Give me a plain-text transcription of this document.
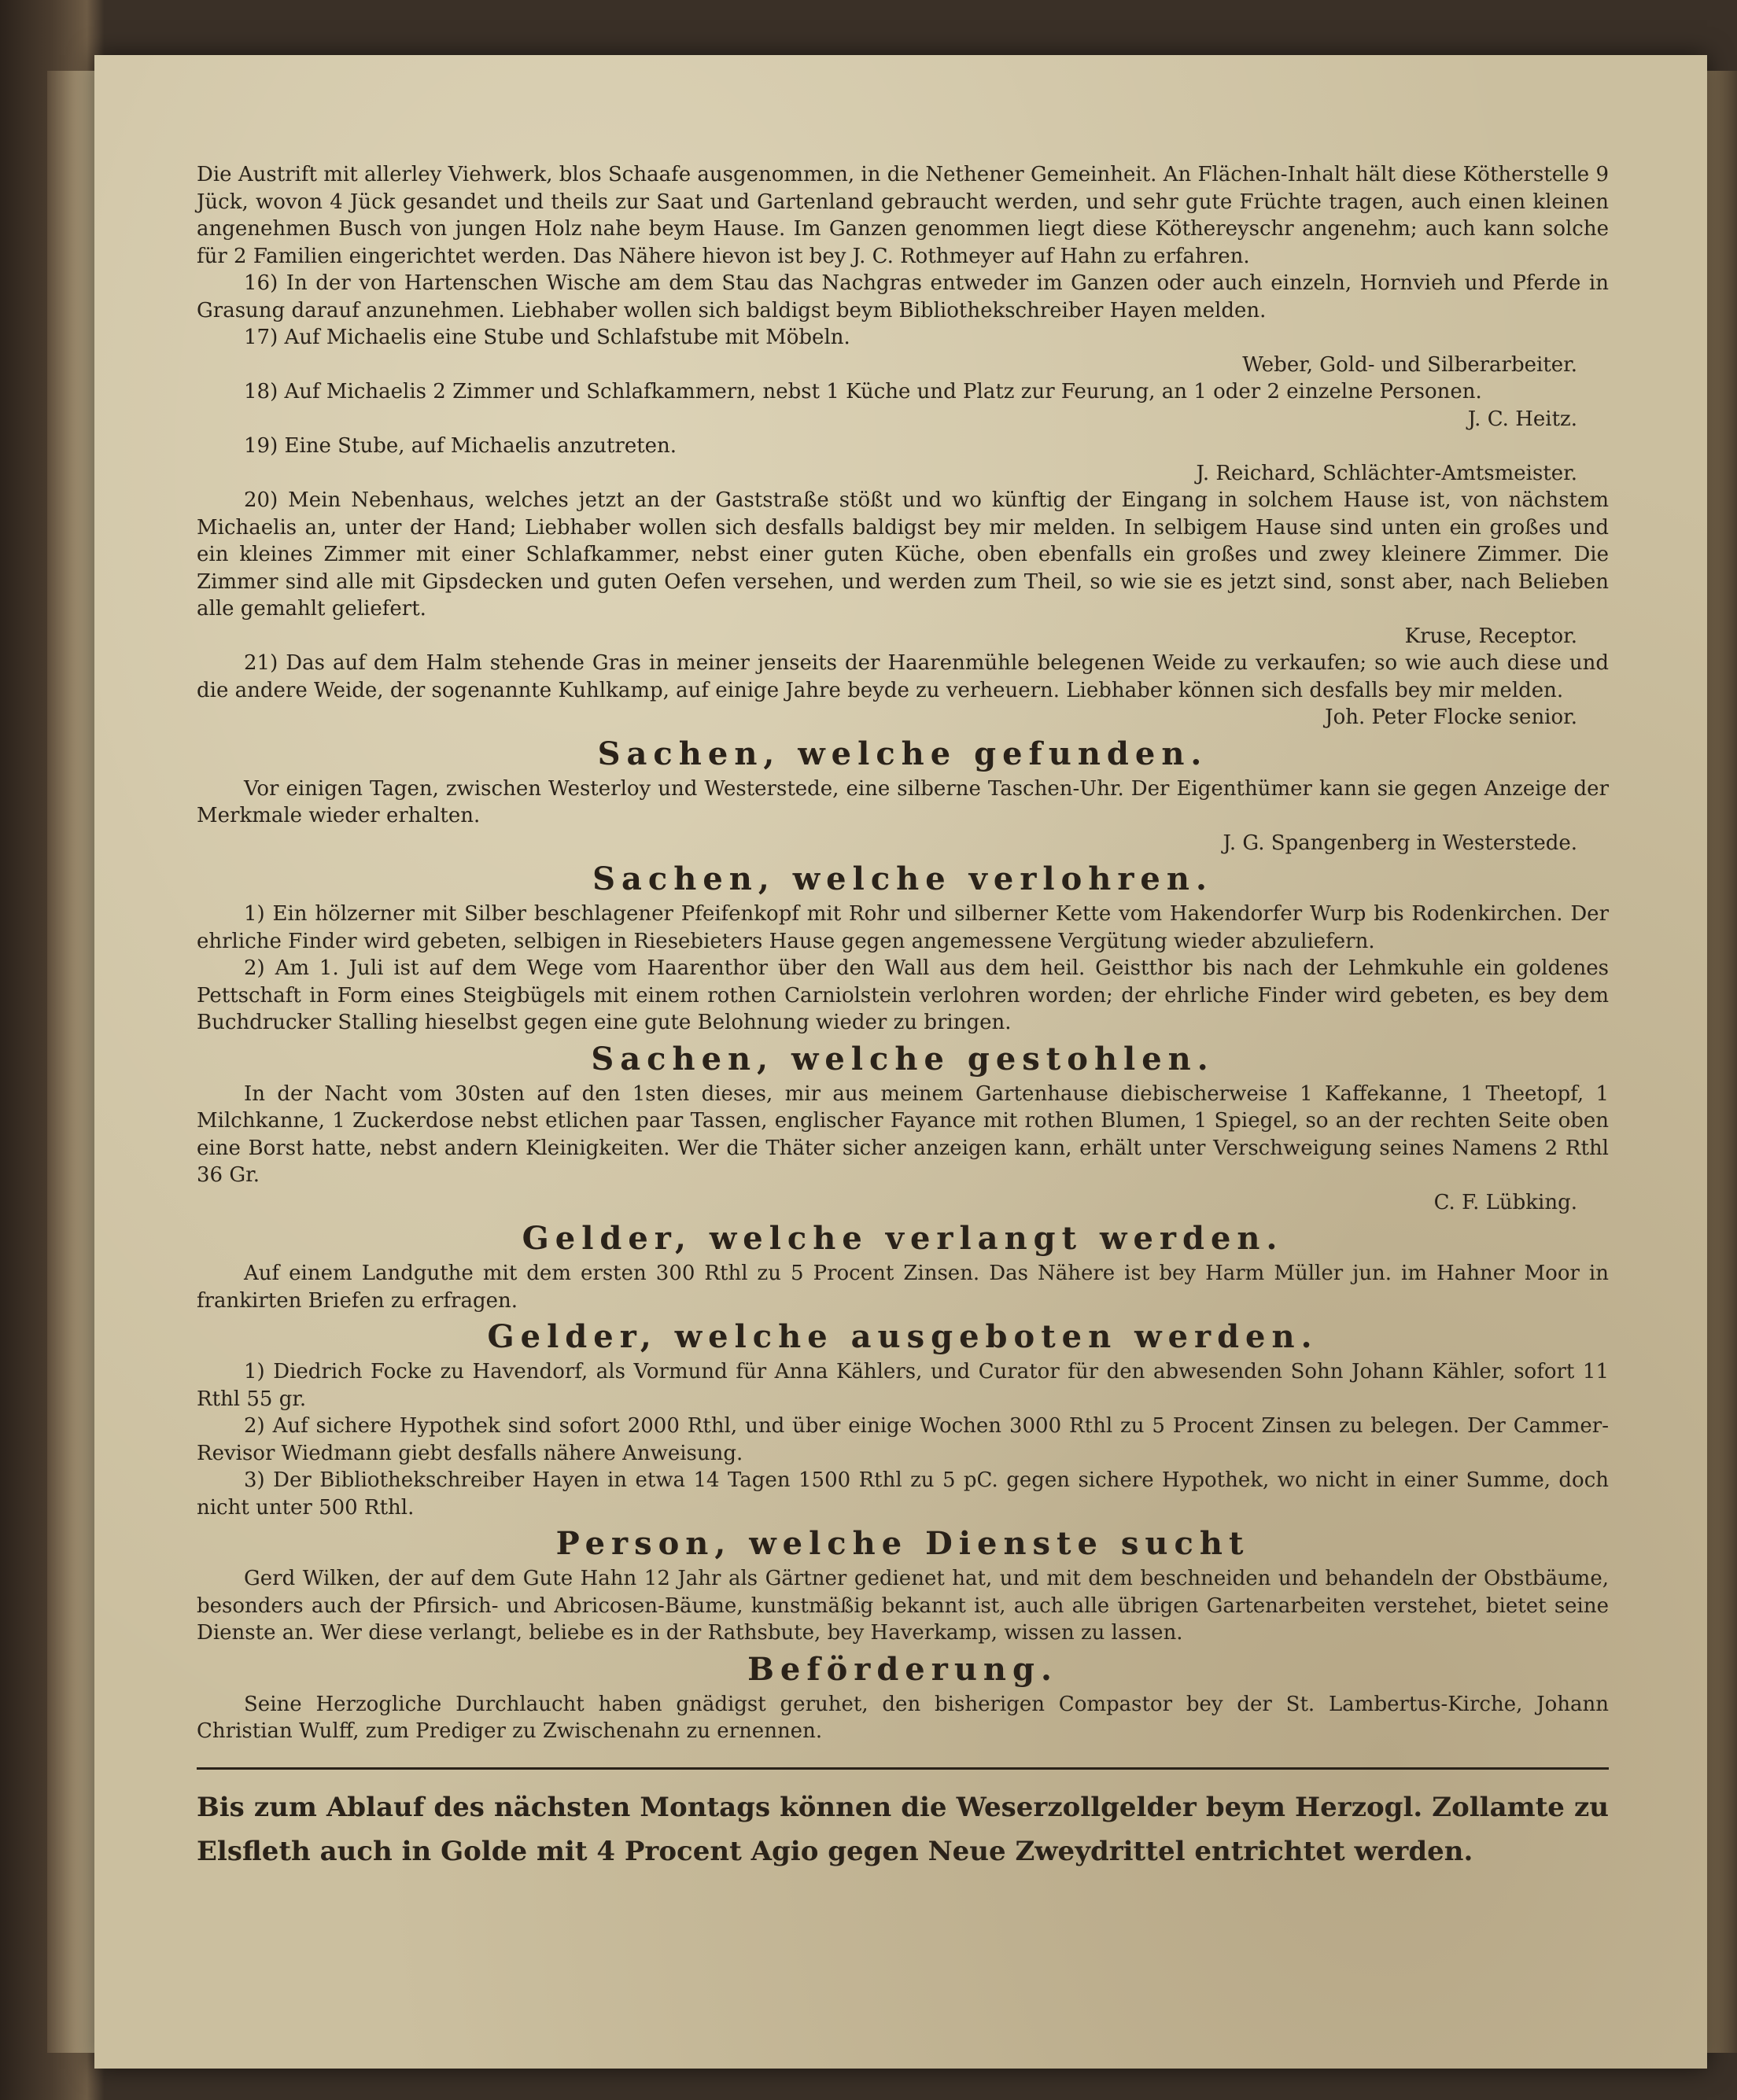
Die Austrift mit allerley Viehwerk, blos Schaafe ausgenommen, in die Nethener Gemeinheit. An Flächen-Inhalt hält diese Kötherstelle 9 Jück, wovon 4 Jück gesandet und theils zur Saat und Gartenland gebraucht werden, und sehr gute Früchte tragen, auch einen kleinen angenehmen Busch von jungen Holz nahe beym Hause. Im Ganzen genommen liegt diese Köthereyschr angenehm; auch kann solche für 2 Familien eingerichtet werden. Das Nähere hievon ist bey J. C. Rothmeyer auf Hahn zu erfahren.

16) In der von Hartenschen Wische am dem Stau das Nachgras entweder im Ganzen oder auch einzeln, Hornvieh und Pferde in Grasung darauf anzunehmen. Liebhaber wollen sich baldigst beym Bibliothekschreiber Hayen melden.

17) Auf Michaelis eine Stube und Schlafstube mit Möbeln.

Weber, Gold- und Silberarbeiter.

18) Auf Michaelis 2 Zimmer und Schlafkammern, nebst 1 Küche und Platz zur Feurung, an 1 oder 2 einzelne Personen.

J. C. Heitz.

19) Eine Stube, auf Michaelis anzutreten.

J. Reichard, Schlächter-Amtsmeister.

20) Mein Nebenhaus, welches jetzt an der Gaststraße stößt und wo künftig der Eingang in solchem Hause ist, von nächstem Michaelis an, unter der Hand; Liebhaber wollen sich desfalls baldigst bey mir melden. In selbigem Hause sind unten ein großes und ein kleines Zimmer mit einer Schlafkammer, nebst einer guten Küche, oben ebenfalls ein großes und zwey kleinere Zimmer. Die Zimmer sind alle mit Gipsdecken und guten Oefen versehen, und werden zum Theil, so wie sie es jetzt sind, sonst aber, nach Belieben alle gemahlt geliefert.

Kruse, Receptor.

21) Das auf dem Halm stehende Gras in meiner jenseits der Haarenmühle belegenen Weide zu verkaufen; so wie auch diese und die andere Weide, der sogenannte Kuhlkamp, auf einige Jahre beyde zu verheuern. Liebhaber können sich desfalls bey mir melden.

Joh. Peter Flocke senior.

Sachen, welche gefunden.

Vor einigen Tagen, zwischen Westerloy und Westerstede, eine silberne Taschen-Uhr. Der Eigenthümer kann sie gegen Anzeige der Merkmale wieder erhalten.

J. G. Spangenberg in Westerstede.

Sachen, welche verlohren.

1) Ein hölzerner mit Silber beschlagener Pfeifenkopf mit Rohr und silberner Kette vom Hakendorfer Wurp bis Rodenkirchen. Der ehrliche Finder wird gebeten, selbigen in Riesebieters Hause gegen angemessene Vergütung wieder abzuliefern.

2) Am 1. Juli ist auf dem Wege vom Haarenthor über den Wall aus dem heil. Geistthor bis nach der Lehmkuhle ein goldenes Pettschaft in Form eines Steigbügels mit einem rothen Carniolstein verlohren worden; der ehrliche Finder wird gebeten, es bey dem Buchdrucker Stalling hieselbst gegen eine gute Belohnung wieder zu bringen.

Sachen, welche gestohlen.

In der Nacht vom 30sten auf den 1sten dieses, mir aus meinem Gartenhause diebischerweise 1 Kaffekanne, 1 Theetopf, 1 Milchkanne, 1 Zuckerdose nebst etlichen paar Tassen, englischer Fayance mit rothen Blumen, 1 Spiegel, so an der rechten Seite oben eine Borst hatte, nebst andern Kleinigkeiten. Wer die Thäter sicher anzeigen kann, erhält unter Verschweigung seines Namens 2 Rthl 36 Gr.

C. F. Lübking.

Gelder, welche verlangt werden.

Auf einem Landguthe mit dem ersten 300 Rthl zu 5 Procent Zinsen. Das Nähere ist bey Harm Müller jun. im Hahner Moor in frankirten Briefen zu erfragen.

Gelder, welche ausgeboten werden.

1) Diedrich Focke zu Havendorf, als Vormund für Anna Kählers, und Curator für den abwesenden Sohn Johann Kähler, sofort 11 Rthl 55 gr.

2) Auf sichere Hypothek sind sofort 2000 Rthl, und über einige Wochen 3000 Rthl zu 5 Procent Zinsen zu belegen. Der Cammer-Revisor Wiedmann giebt desfalls nähere Anweisung.

3) Der Bibliothekschreiber Hayen in etwa 14 Tagen 1500 Rthl zu 5 pC. gegen sichere Hypothek, wo nicht in einer Summe, doch nicht unter 500 Rthl.

Person, welche Dienste sucht

Gerd Wilken, der auf dem Gute Hahn 12 Jahr als Gärtner gedienet hat, und mit dem beschneiden und behandeln der Obstbäume, besonders auch der Pfirsich- und Abricosen-Bäume, kunstmäßig bekannt ist, auch alle übrigen Gartenarbeiten verstehet, bietet seine Dienste an. Wer diese verlangt, beliebe es in der Rathsbute, bey Haverkamp, wissen zu lassen.

Beförderung.

Seine Herzogliche Durchlaucht haben gnädigst geruhet, den bisherigen Compastor bey der St. Lambertus-Kirche, Johann Christian Wulff, zum Prediger zu Zwischenahn zu ernennen.

Bis zum Ablauf des nächsten Montags können die Weserzollgelder beym Herzogl. Zollamte zu Elsfleth auch in Golde mit 4 Procent Agio gegen Neue Zweydrittel entrichtet werden.
